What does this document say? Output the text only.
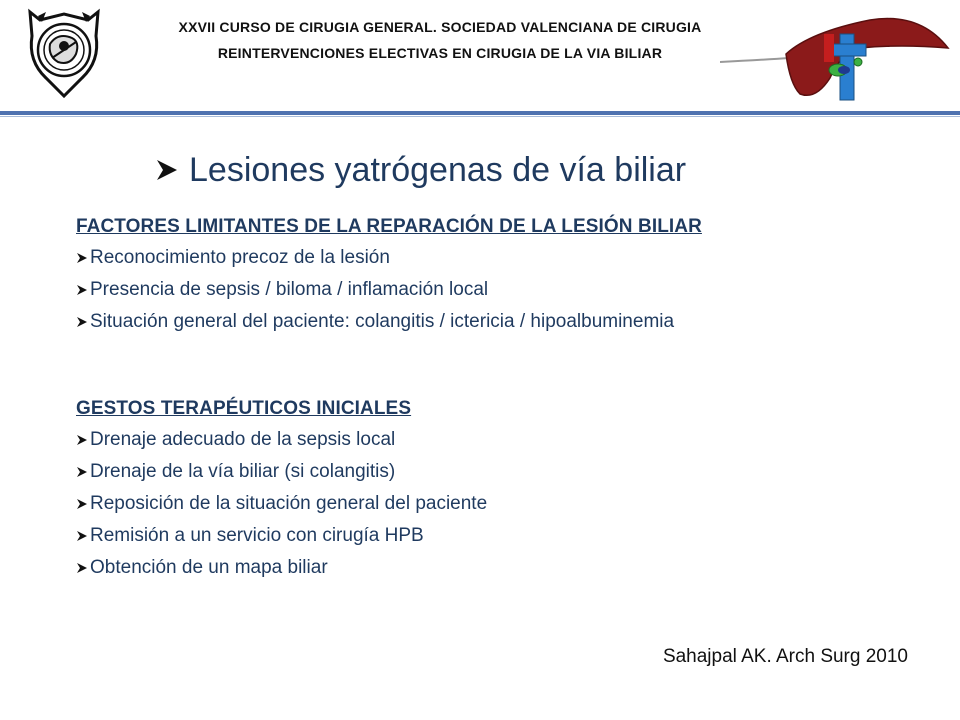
XXVII CURSO DE CIRUGIA GENERAL. SOCIEDAD VALENCIANA DE CIRUGIA
REINTERVENCIONES ELECTIVAS EN CIRUGIA DE LA VIA BILIAR
Lesiones yatrógenas de vía biliar
FACTORES LIMITANTES DE LA REPARACIÓN DE LA LESIÓN BILIAR
Reconocimiento precoz de la lesión
Presencia de sepsis / biloma / inflamación local
Situación general del paciente: colangitis / ictericia / hipoalbuminemia
GESTOS TERAPÉUTICOS INICIALES
Drenaje adecuado de la sepsis local
Drenaje de la vía biliar (si colangitis)
Reposición de la situación general del paciente
Remisión a un servicio con cirugía HPB
Obtención de un mapa biliar
Sahajpal AK. Arch Surg 2010
